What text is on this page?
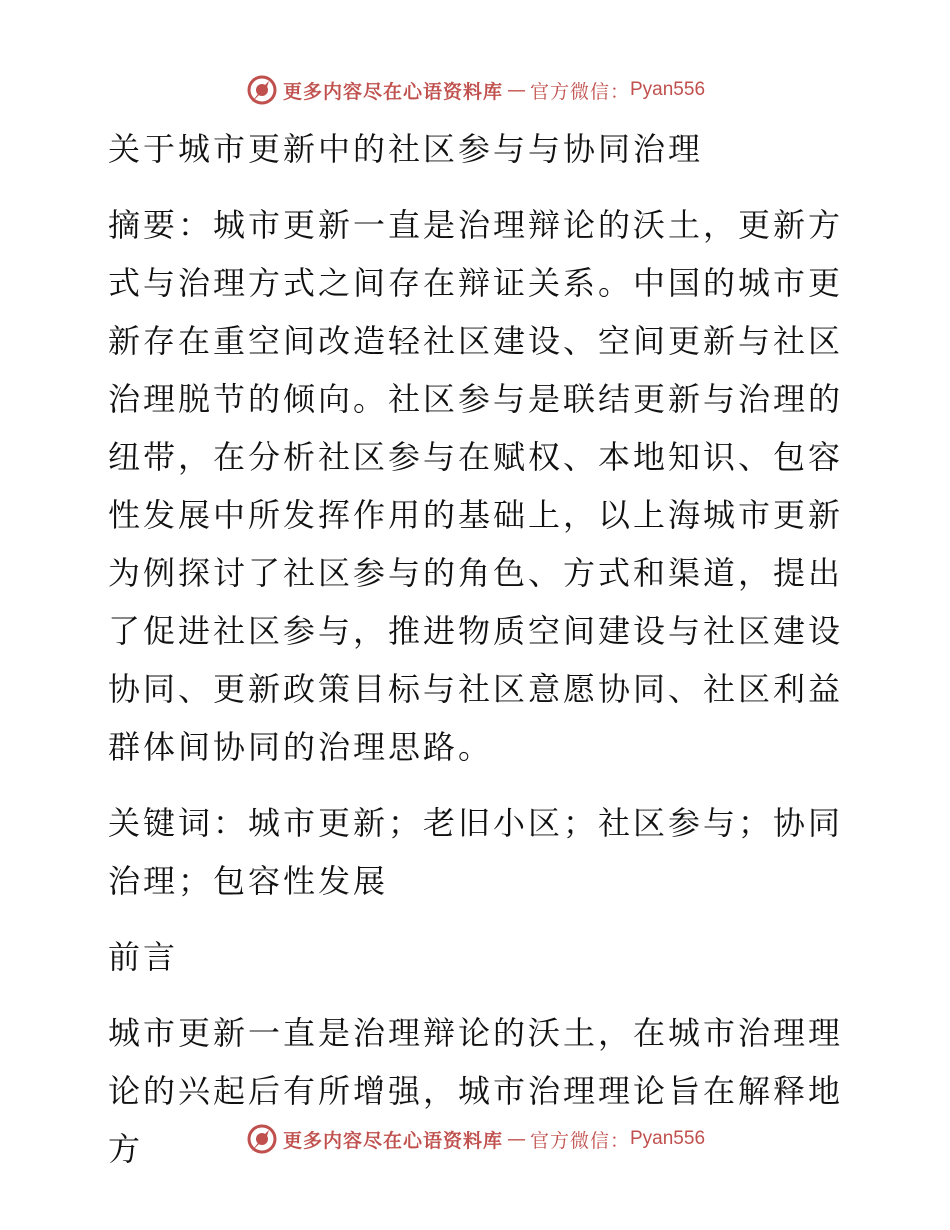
更多内容尽在心语资料库 — 官方微信： Pyan556

关于城市更新中的社区参与与协同治理

摘要：城市更新一直是治理辩论的沃土，更新方式与治理方式之间存在辩证关系。中国的城市更新存在重空间改造轻社区建设、空间更新与社区治理脱节的倾向。社区参与是联结更新与治理的纽带，在分析社区参与在赋权、本地知识、包容性发展中所发挥作用的基础上，以上海城市更新为例探讨了社区参与的角色、方式和渠道，提出了促进社区参与，推进物质空间建设与社区建设协同、更新政策目标与社区意愿协同、社区利益群体间协同的治理思路。

关键词：城市更新；老旧小区；社区参与；协同治理；包容性发展

前言

城市更新一直是治理辩论的沃土，在城市治理理论的兴起后有所增强，城市治理理论旨在解释地方	更多内容尽在心语资料库 — 官方微信： Pyan556
